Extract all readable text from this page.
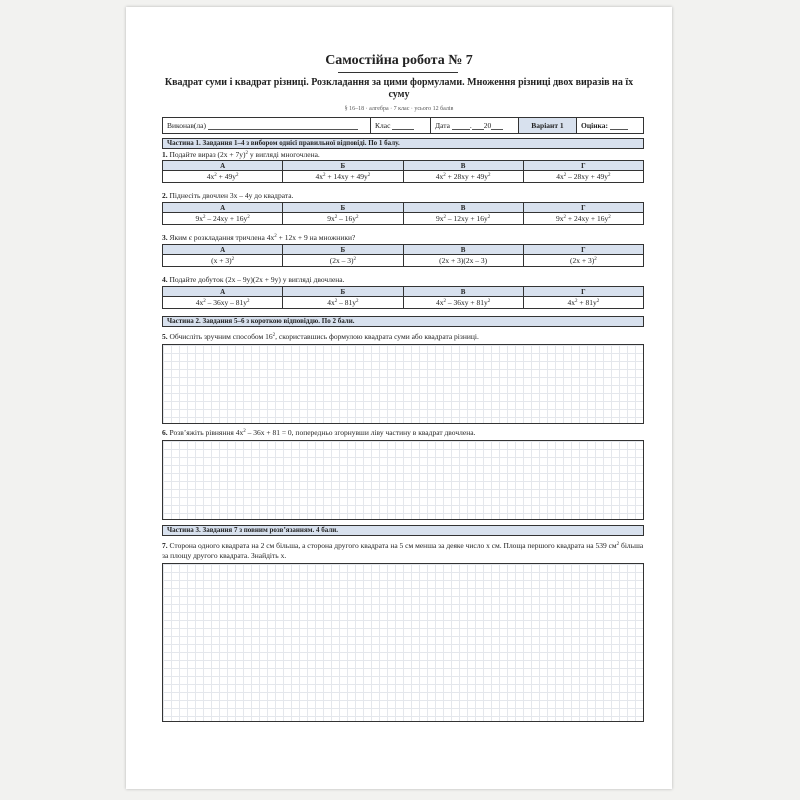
Самостійна робота № 7
Квадрат суми і квадрат різниці. Розкладання за цими формулами. Множення різниці двох виразів на їх суму
§ 16–18 · алгебра · 7 клас · усього 12 балів
Виконав(ла)
	Клас
	Дата
	. 20	Варіант 1 Оцінка:

Частина 1. Завдання 1–4 з вибором однієї правильної відповіді. По 1 балу.
1. Подайте вираз $(2x + 7y)^2$ у вигляді многочлена.
А	Б	В	Г
$4x^2 + 49y^2$	$4x^2 + 14xy + 49y^2$	$4x^2 + 28xy + 49y^2$	$4x^2 - 28xy + 49y^2$
2. Піднесіть двочлен 3x – 4y до квадрата.
А	Б	В	Г
$9x^2 - 24xy + 16y^2$	$9x^2 - 16y^2$	$9x^2 - 12xy + 16y^2$	$9x^2 + 24xy + 16y^2$
3. Яким є розкладання тричлена $4x^2 + 12x + 9$ на множники?
А	Б	В	Г
$(x + 3)^2$	(2x – 3)$^2$	(2x + 3)(2x – 3)	$(2x + 3)^2$
4. Подайте добуток (2x – 9y)(2x + 9y) у вигляді двочлена.
А	Б	В	Г
$4x^2 - 36xy - 81y^2$	$4x^2 - 81y^2$	$4x^2 - 36xy + 81y^2$	$4x^2 + 81y^2$
Частина 2. Завдання 5–6 з короткою відповіддю. По 2 бали.
5. Обчисліть зручним способом $16^2$, скориставшись формулою квадрата суми або квадрата різниці.
6. Розв’яжіть рівняння $4x^2 - 36x + 81 = 0$, попередньо згорнувши ліву частину в квадрат двочлена.
Частина 3. Завдання 7 з повним розв’язанням. 4 бали.
7. Сторона одного квадрата на 2 см більша, а сторона другого квадрата на 5 см менша за деяке число x см. Площа першого квадрата на 539 $см^2$ більша за площу другого квадрата. Знайдіть x.
